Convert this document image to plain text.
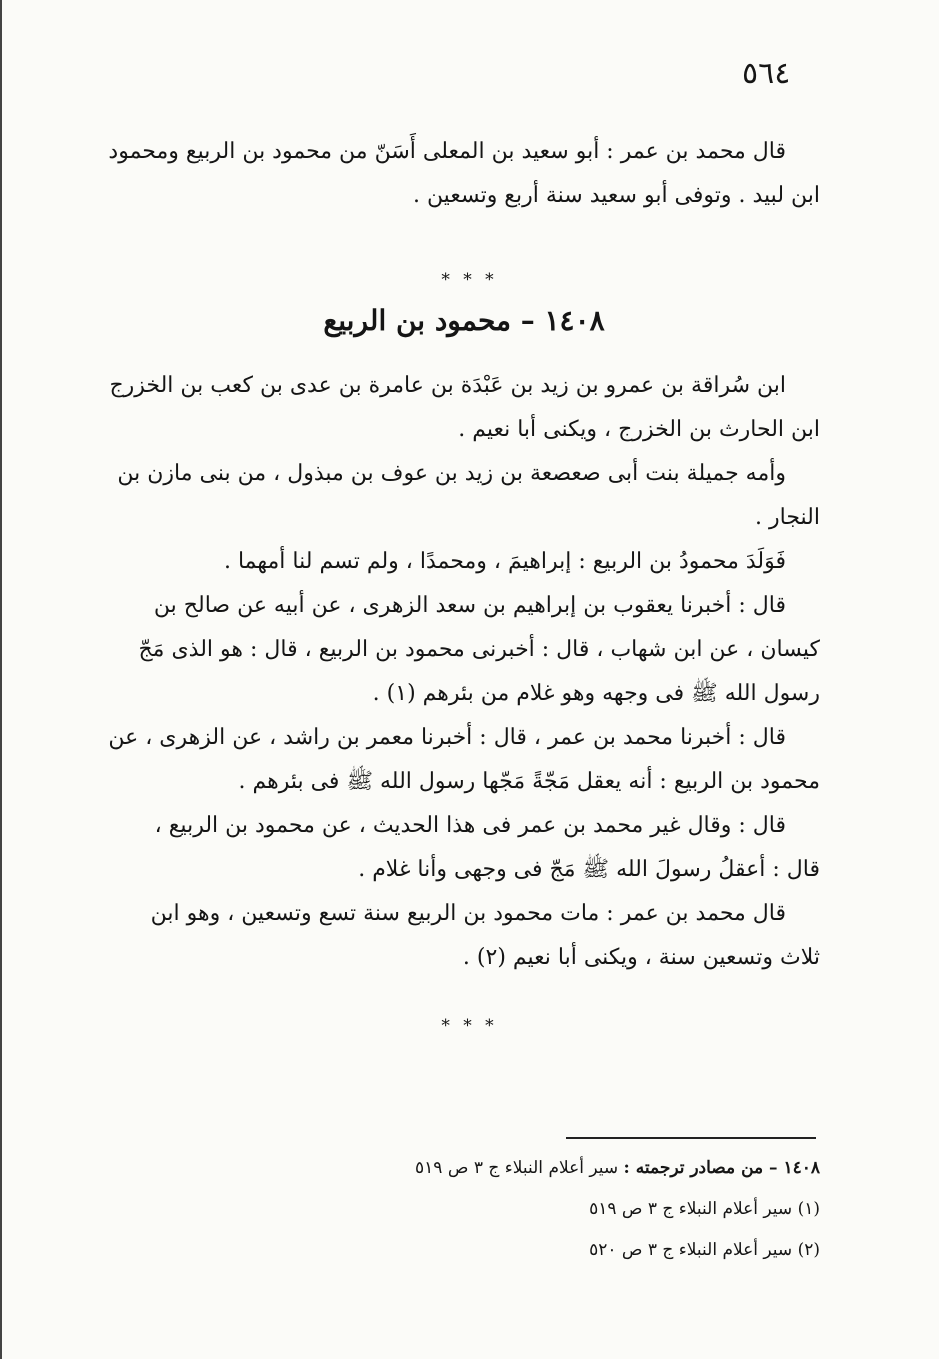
٥٦٤
قال محمد بن عمر : أبو سعيد بن المعلى أَسَنّ من محمود بن الربيع ومحمود
ابن لبيد . وتوفى أبو سعيد سنة أربع وتسعين .
* * *
١٤٠٨ – محمود بن الربيع
ابن سُراقة بن عمرو بن زيد بن عَبْدَة بن عامرة بن عدى بن كعب بن الخزرج
ابن الحارث بن الخزرج ، ويكنى أبا نعيم .
وأمه جميلة بنت أبى صعصعة بن زيد بن عوف بن مبذول ، من بنى مازن بن
النجار .
فَوَلَدَ محمودُ بن الربيع : إبراهيمَ ، ومحمدًا ، ولم تسم لنا أمهما .
قال : أخبرنا يعقوب بن إبراهيم بن سعد الزهرى ، عن أبيه عن صالح بن
كيسان ، عن ابن شهاب ، قال : أخبرنى محمود بن الربيع ، قال : هو الذى مَجّ
رسول الله ﷺ فى وجهه وهو غلام من بئرهم (١) .
قال : أخبرنا محمد بن عمر ، قال : أخبرنا معمر بن راشد ، عن الزهرى ، عن
محمود بن الربيع : أنه يعقل مَجّةً مَجّها رسول الله ﷺ فى بئرهم .
قال : وقال غير محمد بن عمر فى هذا الحديث ، عن محمود بن الربيع ،
قال : أعقلُ رسولَ الله ﷺ مَجّ فى وجهى وأنا غلام .
قال محمد بن عمر : مات محمود بن الربيع سنة تسع وتسعين ، وهو ابن
ثلاث وتسعين سنة ، ويكنى أبا نعيم (٢) .
* * *
١٤٠٨ – من مصادر ترجمته : سير أعلام النبلاء ج ٣ ص ٥١٩
(١) سير أعلام النبلاء ج ٣ ص ٥١٩
(٢) سير أعلام النبلاء ج ٣ ص ٥٢٠
